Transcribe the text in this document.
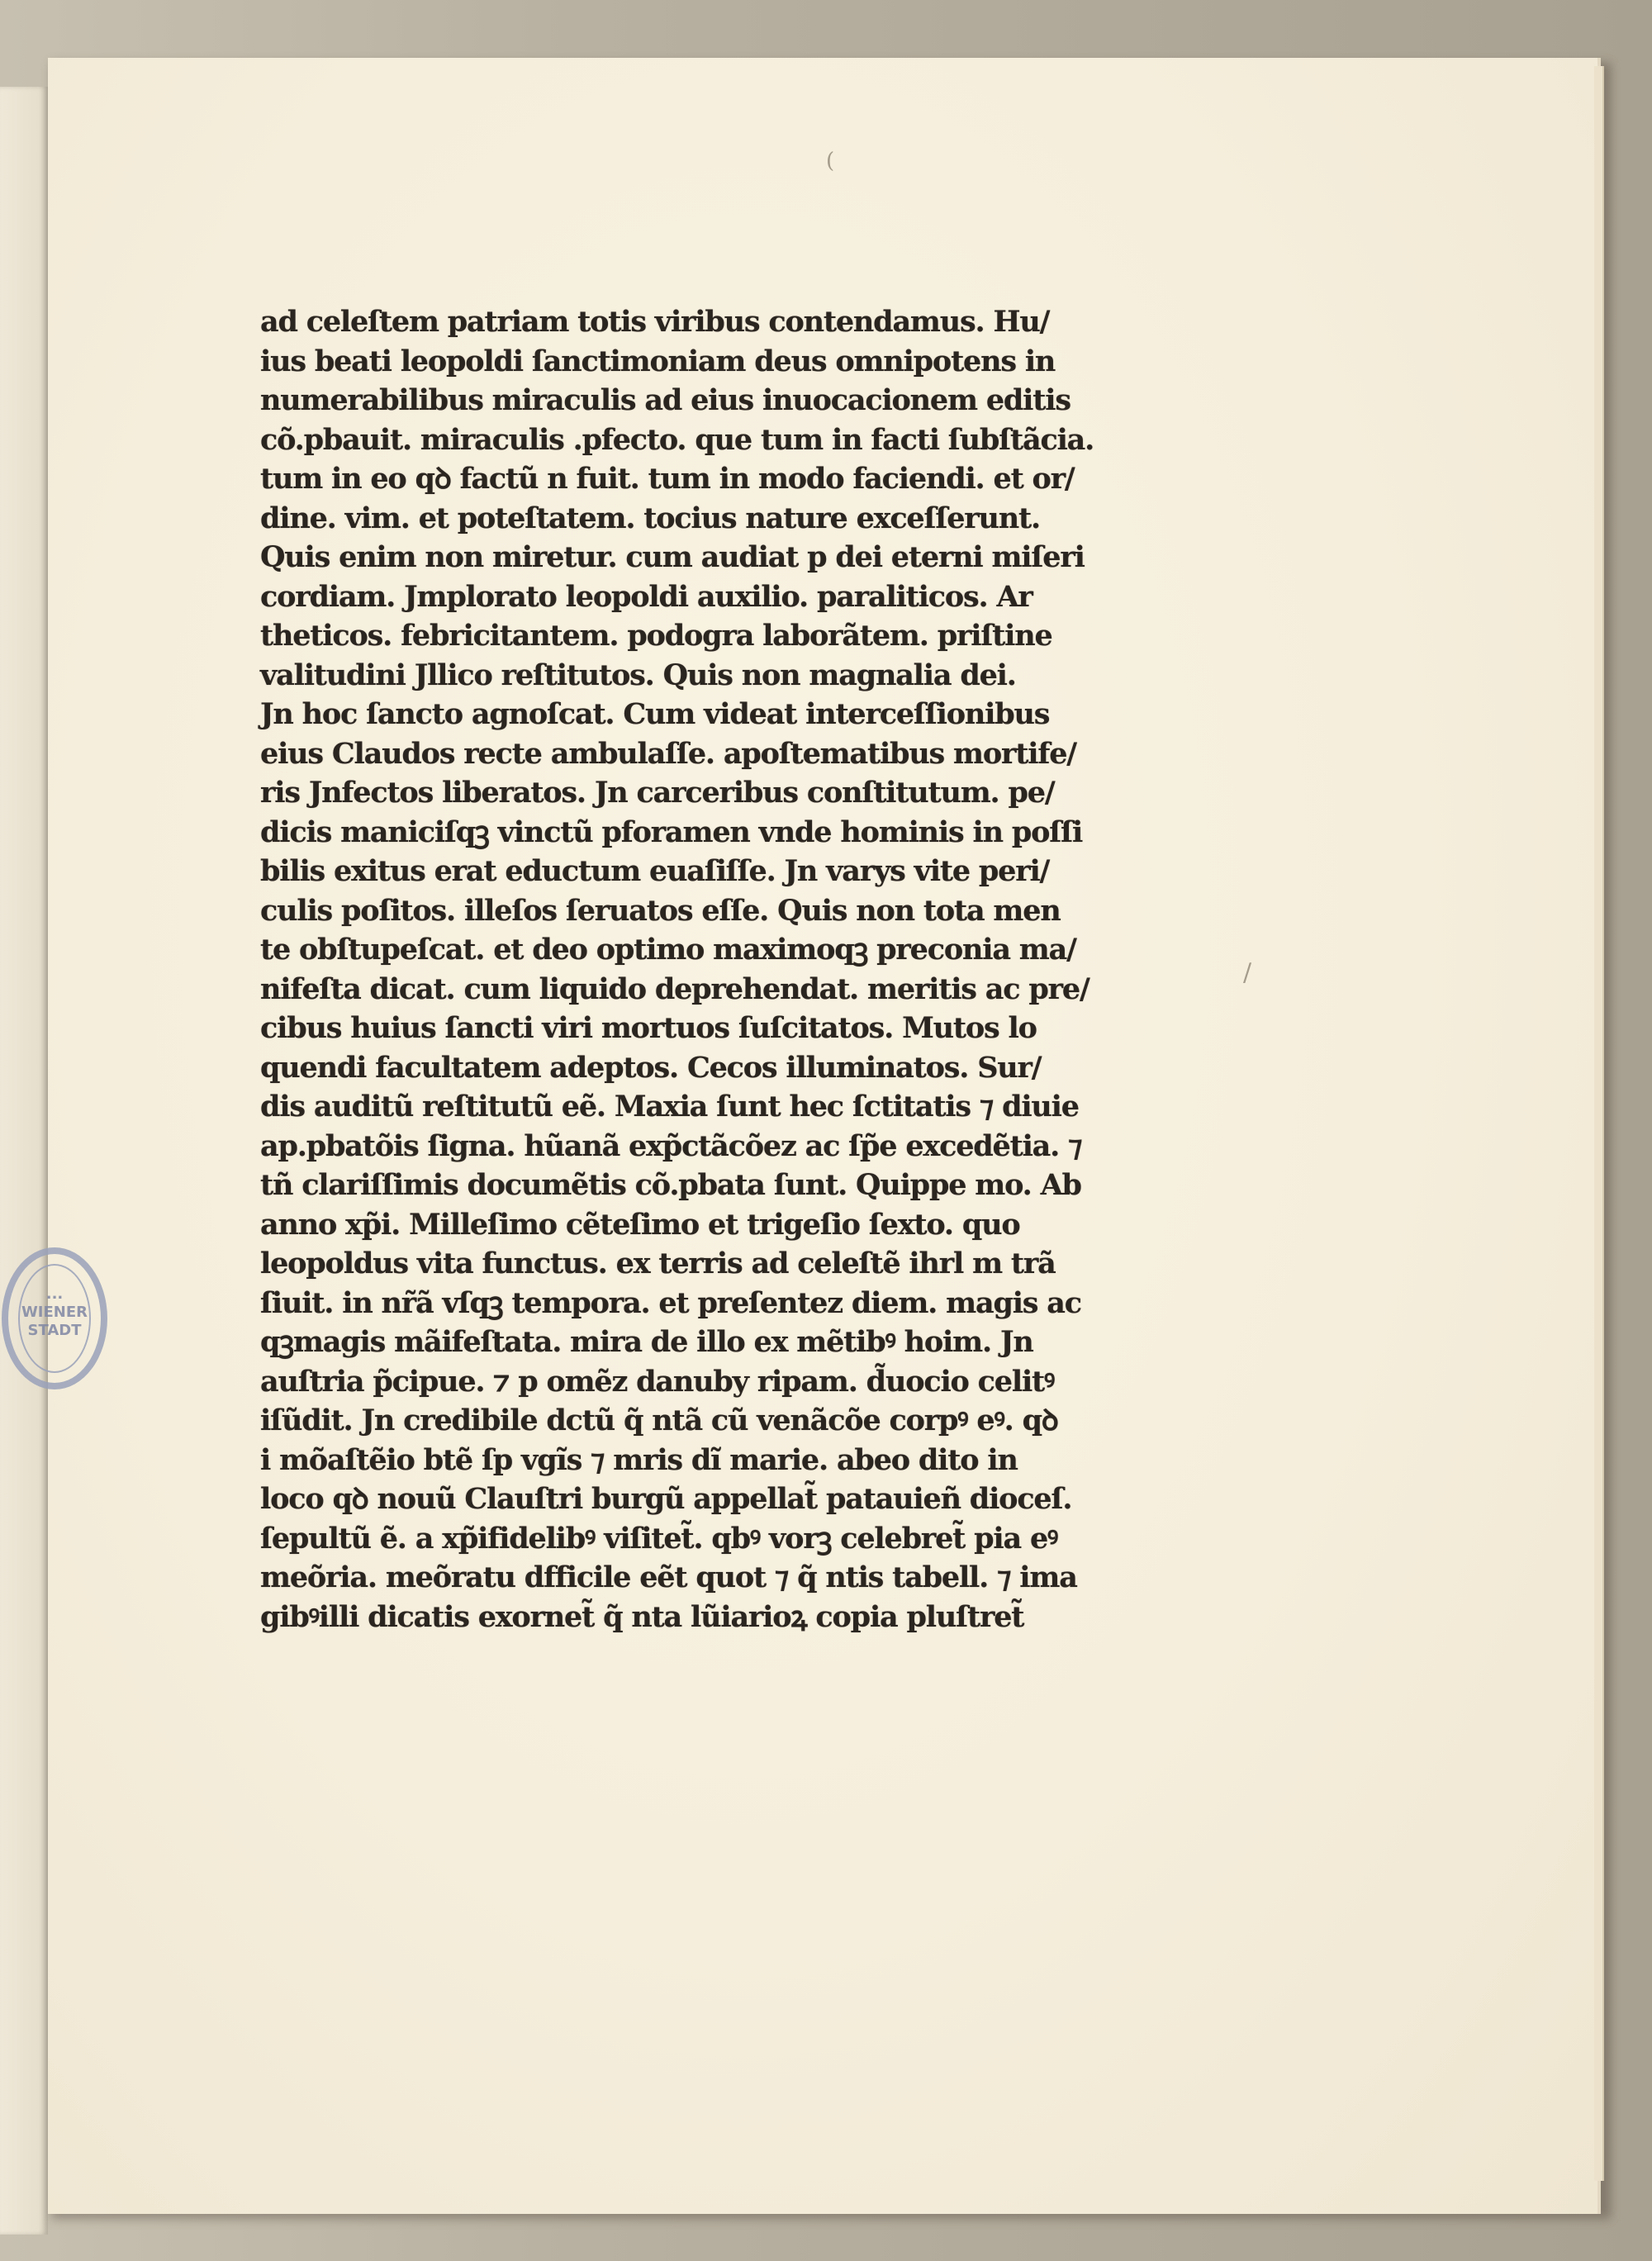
...
WIENER STADT
(
/
ad celeſtem patriam totis viribus contendamus. Hu/
ius beati leopoldi ſanctimoniam deus omnipotens in
numerabilibus miraculis ad eius inuocacionem editis
cõ.pbauit. miraculis .pfecto. que tum in facti ſubſtãcia.
tum in eo qꝺ factũ n fuit. tum in modo faciendi. et or/
dine. vim. et poteſtatem. tocius nature exceſſerunt.
Quis enim non miretur. cum audiat p dei eterni miſeri
cordiam. Jmplorato leopoldi auxilio. paraliticos. Ar
theticos. febricitantem. podogra laborãtem. priſtine
valitudini Jllico reſtitutos. Quis non magnalia dei.
Jn hoc ſancto agnoſcat. Cum videat interceſſionibus
eius Claudos recte ambulaſſe. apoſtematibus mortife/
ris Jnfectos liberatos. Jn carceribus conſtitutum. pe/
dicis maniciſqꝫ vinctũ pforamen vnde hominis in poſſi
bilis exitus erat eductum euaſiſſe. Jn varys vite peri/
culis poſitos. illeſos ſeruatos eſſe. Quis non tota men
te obſtupeſcat. et deo optimo maximoqꝫ preconia ma/
nifeſta dicat. cum liquido deprehendat. meritis ac pre/
cibus huius ſancti viri mortuos ſuſcitatos. Mutos lo
quendi facultatem adeptos. Cecos illuminatos. Sur/
dis auditũ reſtitutũ eẽ. Maxia ſunt hec ſctitatis ⁊ diuie
ap.pbatõis ſigna. hũanã exp̃ctãcõez ac ſp̃e excedẽtia. ⁊
tñ clariſſimis documẽtis cõ.pbata ſunt. Quippe mo. Ab
anno xp̃i. Milleſimo cẽteſimo et trigeſio ſexto. quo
leopoldus vita functus. ex terris ad celeſtẽ ihrl m trã
ſiuit. in nr̃ã vſqꝫ tempora. et preſentez diem. magis ac
qꝫmagis mãifeſtata. mira de illo ex mẽtibꝰ hoim. Jn
auſtria p̃cipue. ⁊ p omẽz danuby ripam. d̃uocio celitꝰ
iſũdit. Jn credibile dctũ q̃ ntã cũ venãcõe corpꝰ eꝰ. qꝺ
i mõaſtẽio btẽ ſp vgĩs ⁊ mris dĩ marie. abeo dito in
loco qꝺ nouũ Clauſtri burgũ appellat̃ patauieñ dioceſ.
ſepultũ ẽ. a xp̃ifidelibꝰ viſitet̃. qbꝰ vorꝫ celebret̃ pia eꝰ
meõria. meõratu dfficile eẽt quot ⁊ q̃ ntis tabell. ⁊ ima
gibꝰilli dicatis exornet̃ q̃ nta lũiarioꝝ copia pluſtret̃
